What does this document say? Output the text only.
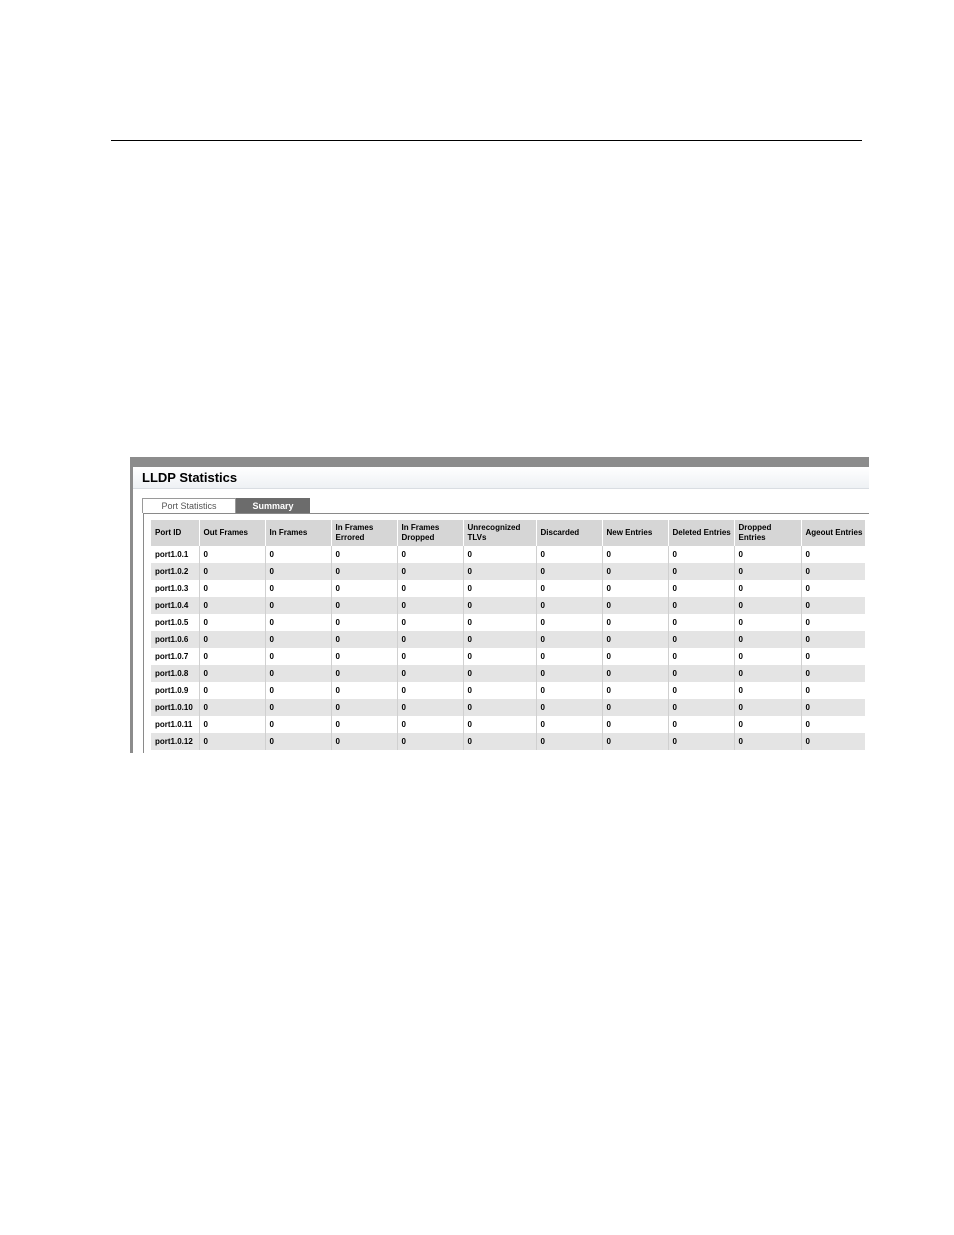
LLDP Statistics
Port Statistics	Summary
Port ID	Out Frames	In Frames	In Frames Errored	In Frames Dropped	Unrecognized TLVs	Discarded	New Entries	Deleted Entries	Dropped Entries	Ageout Entries
port1.0.1	0	0	0	0	0	0	0	0	0	0
port1.0.2	0	0	0	0	0	0	0	0	0	0
port1.0.3	0	0	0	0	0	0	0	0	0	0
port1.0.4	0	0	0	0	0	0	0	0	0	0
port1.0.5	0	0	0	0	0	0	0	0	0	0
port1.0.6	0	0	0	0	0	0	0	0	0	0
port1.0.7	0	0	0	0	0	0	0	0	0	0
port1.0.8	0	0	0	0	0	0	0	0	0	0
port1.0.9	0	0	0	0	0	0	0	0	0	0
port1.0.10	0	0	0	0	0	0	0	0	0	0
port1.0.11	0	0	0	0	0	0	0	0	0	0
port1.0.12	0	0	0	0	0	0	0	0	0	0
